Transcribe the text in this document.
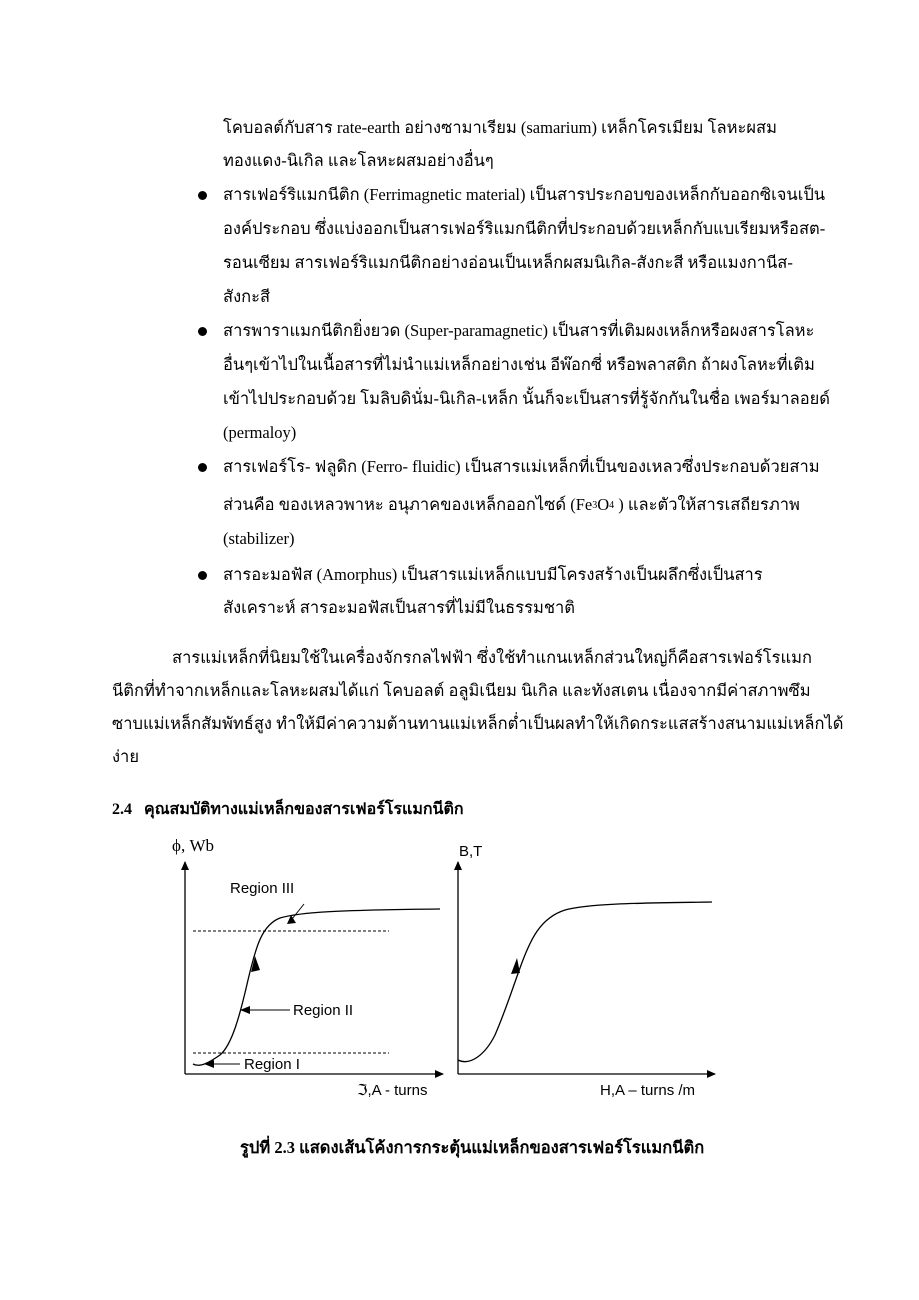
โคบอลต์กับสาร rate-earth อย่างซามาเรียม (samarium) เหล็กโครเมียม โลหะผสม
ทองแดง-นิเกิล และโลหะผสมอย่างอื่นๆ
สารเฟอร์ริแมกนีติก (Ferrimagnetic material) เป็นสารประกอบของเหล็กกับออกซิเจนเป็น
องค์ประกอบ ซึ่งแบ่งออกเป็นสารเฟอร์ริแมกนีติกที่ประกอบด้วยเหล็กกับแบเรียมหรือสต-
รอนเซียม สารเฟอร์ริแมกนีติกอย่างอ่อนเป็นเหล็กผสมนิเกิล-สังกะสี หรือแมงกานีส-
สังกะสี
สารพาราแมกนีติกยิ่งยวด (Super-paramagnetic) เป็นสารที่เติมผงเหล็กหรือผงสารโลหะ
อื่นๆเข้าไปในเนื้อสารที่ไม่นำแม่เหล็กอย่างเช่น อีพ๊อกซี่ หรือพลาสติก ถ้าผงโลหะที่เติม
เข้าไปประกอบด้วย โมลิบดินั่ม-นิเกิล-เหล็ก นั้นก็จะเป็นสารที่รู้จักกันในชื่อ เพอร์มาลอยด์
(permaloy)
สารเฟอร์โร- ฟลูดิก (Ferro- fluidic) เป็นสารแม่เหล็กที่เป็นของเหลวซึ่งประกอบด้วยสาม
ส่วนคือ ของเหลวพาหะ อนุภาคของเหล็กออกไซด์ ($Fe^3O^4$ ) และตัวให้สารเสถียรภาพ
(stabilizer)
สารอะมอฟัส (Amorphus) เป็นสารแม่เหล็กแบบมีโครงสร้างเป็นผลึกซึ่งเป็นสาร
สังเคราะห์ สารอะมอฟัสเป็นสารที่ไม่มีในธรรมชาติ
สารแม่เหล็กที่นิยมใช้ในเครื่องจักรกลไฟฟ้า ซึ่งใช้ทำแกนเหล็กส่วนใหญ่ก็คือสารเฟอร์โรแมก
นีติกที่ทำจากเหล็กและโลหะผสมได้แก่ โคบอลต์ อลูมิเนียม นิเกิล และทังสเตน เนื่องจากมีค่าสภาพซึม
ซาบแม่เหล็กสัมพัทธ์สูง ทำให้มีค่าความต้านทานแม่เหล็กต่ำเป็นผลทำให้เกิดกระแสสร้างสนามแม่เหล็กได้
ง่าย
2.4 คุณสมบัติทางแม่เหล็กของสารเฟอร์โรแมกนีติก
ϕ, Wb
Region III
Region II
Region I
ℑ,A - turns
B,T
H,A – turns /m
รูปที่ 2.3 แสดงเส้นโค้งการกระตุ้นแม่เหล็กของสารเฟอร์โรแมกนีติก
